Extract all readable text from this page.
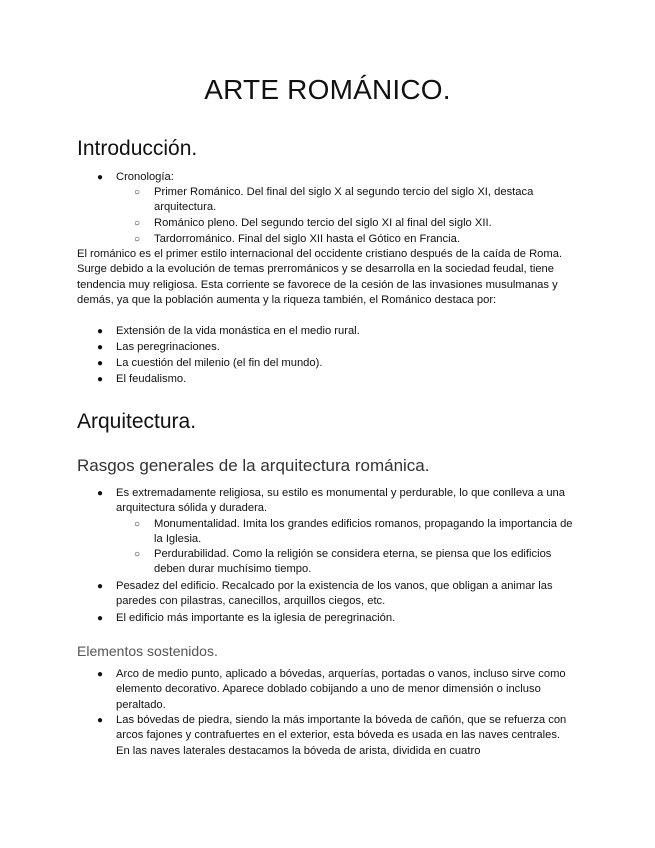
ARTE ROMÁNICO.
Introducción.
● Cronología:
○ Primer Románico. Del final del siglo X al segundo tercio del siglo XI, destaca arquitectura.
○ Románico pleno. Del segundo tercio del siglo XI al final del siglo XII.
○ Tardorrománico. Final del siglo XII hasta el Gótico en Francia.
El románico es el primer estilo internacional del occidente cristiano después de la caída de Roma. Surge debido a la evolución de temas prerrománicos y se desarrolla en la sociedad feudal, tiene tendencia muy religiosa. Esta corriente se favorece de la cesión de las invasiones musulmanas y demás, ya que la población aumenta y la riqueza también, el Románico destaca por:
● Extensión de la vida monástica en el medio rural.
● Las peregrinaciones.
● La cuestión del milenio (el fin del mundo).
● El feudalismo.
Arquitectura.
Rasgos generales de la arquitectura románica.
● Es extremadamente religiosa, su estilo es monumental y perdurable, lo que conlleva a una arquitectura sólida y duradera.
○ Monumentalidad. Imita los grandes edificios romanos, propagando la importancia de la Iglesia.
○ Perdurabilidad. Como la religión se considera eterna, se piensa que los edificios deben durar muchísimo tiempo.
● Pesadez del edificio. Recalcado por la existencia de los vanos, que obligan a animar las paredes con pilastras, canecillos, arquillos ciegos, etc.
● El edificio más importante es la iglesia de peregrinación.
Elementos sostenidos.
● Arco de medio punto, aplicado a bóvedas, arquerías, portadas o vanos, incluso sirve como elemento decorativo. Aparece doblado cobijando a uno de menor dimensión o incluso peraltado.
● Las bóvedas de piedra, siendo la más importante la bóveda de cañón, que se refuerza con arcos fajones y contrafuertes en el exterior, esta bóveda es usada en las naves centrales. En las naves laterales destacamos la bóveda de arista, dividida en cuatro
